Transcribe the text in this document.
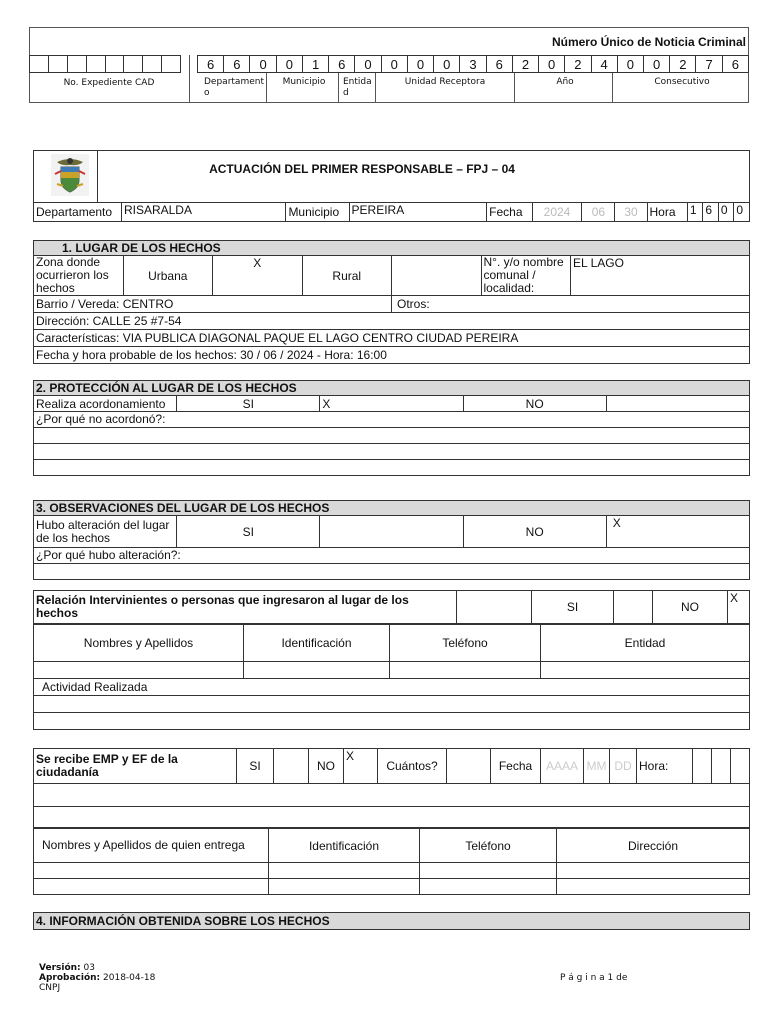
Número Único de Noticia Criminal

No. Expediente CAD
6	6	0	0	1	6	0	0	0	0	3	6	2	0	2	4	0	0	2	7	6
Departamento
Municipio	Entidad
Unidad Receptora	Año	Consecutivo
ACTUACIÓN DEL PRIMER RESPONSABLE – FPJ – 04
Departamento	RISARALDA	Municipio	PEREIRA	Fecha	2024	06	30	Hora	1	6	0	0
1. LUGAR DE LOS HECHOS						
Zona donde ocurrieron los hechos	Urbana	X	Rural		N°. y/o nombre comunal / localidad:	EL LAGO
Barrio / Vereda: CENTRO				Otros:		
Dirección: CALLE 25 #7-54						
Características: VIA PUBLICA DIAGONAL PAQUE EL LAGO CENTRO CIUDAD PEREIRA						
Fecha y hora probable de los hechos: 30 / 06 / 2024 - Hora: 16:00						
2. PROTECCIÓN AL LUGAR DE LOS HECHOS
Realiza acordonamiento	SI	X	NO	
¿Por qué no acordonó?:

3. OBSERVACIONES DEL LUGAR DE LOS HECHOS
Hubo alteración del lugar de los hechos	SI		NO	X
¿Por qué hubo alteración?:

Relación Intervinientes o personas que ingresaron al lugar de los hechos		SI		NO	X
Nombres y Apellidos	Identificación	Teléfono	Entidad

Actividad Realizada			

Se recibe EMP y EF de la ciudadanía	SI		NO	X	Cuántos?		Fecha	AAAA	MM	DD	Hora:			

Nombres y Apellidos de quien entrega	Identificación	Teléfono	Dirección

4. INFORMACIÓN OBTENIDA SOBRE LOS HECHOS
Versión: 03
Aprobación: 2018-04-18
CNPJ
P á g i n a 1 de
